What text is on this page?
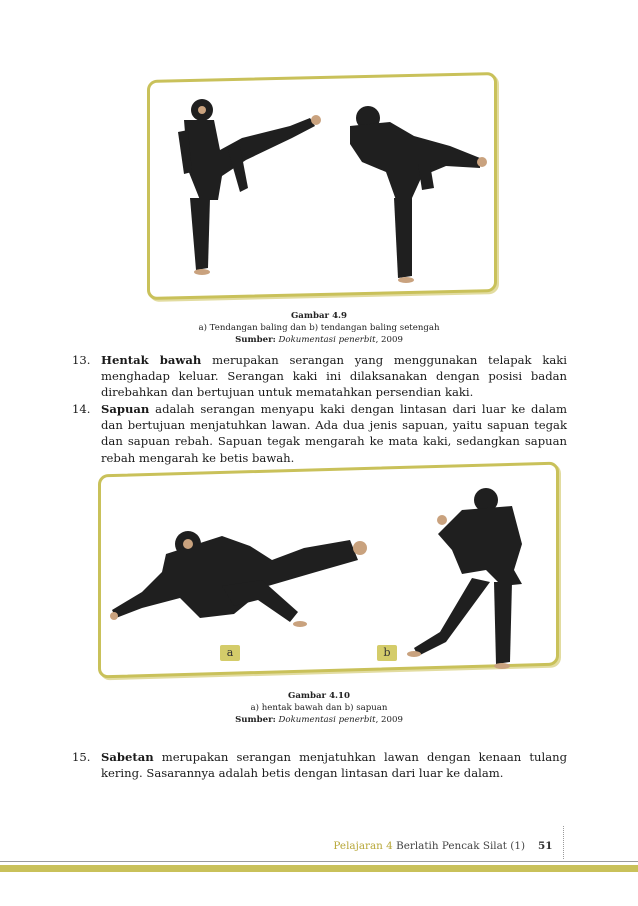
Gambar 4.9
a) Tendangan baling dan b) tendangan baling setengah
Sumber: Dokumentasi penerbit, 2009
13. Hentak bawah merupakan serangan yang menggunakan telapak kaki menghadap keluar. Serangan kaki ini dilaksanakan dengan posisi badan direbahkan dan bertujuan untuk mematahkan persendian kaki.
14. Sapuan adalah serangan menyapu kaki dengan lintasan dari luar ke dalam dan bertujuan menjatuhkan lawan. Ada dua jenis sapuan, yaitu sapuan tegak dan sapuan rebah. Sapuan tegak mengarah ke mata kaki, sedangkan sapuan rebah mengarah ke betis bawah.
a	b
Gambar 4.10
a) hentak bawah dan b) sapuan
Sumber: Dokumentasi penerbit, 2009
15. Sabetan merupakan serangan menjatuhkan lawan dengan kenaan tulang kering. Sasarannya adalah betis dengan lintasan dari luar ke dalam.
Pelajaran 4 Berlatih Pencak Silat (1) 51
